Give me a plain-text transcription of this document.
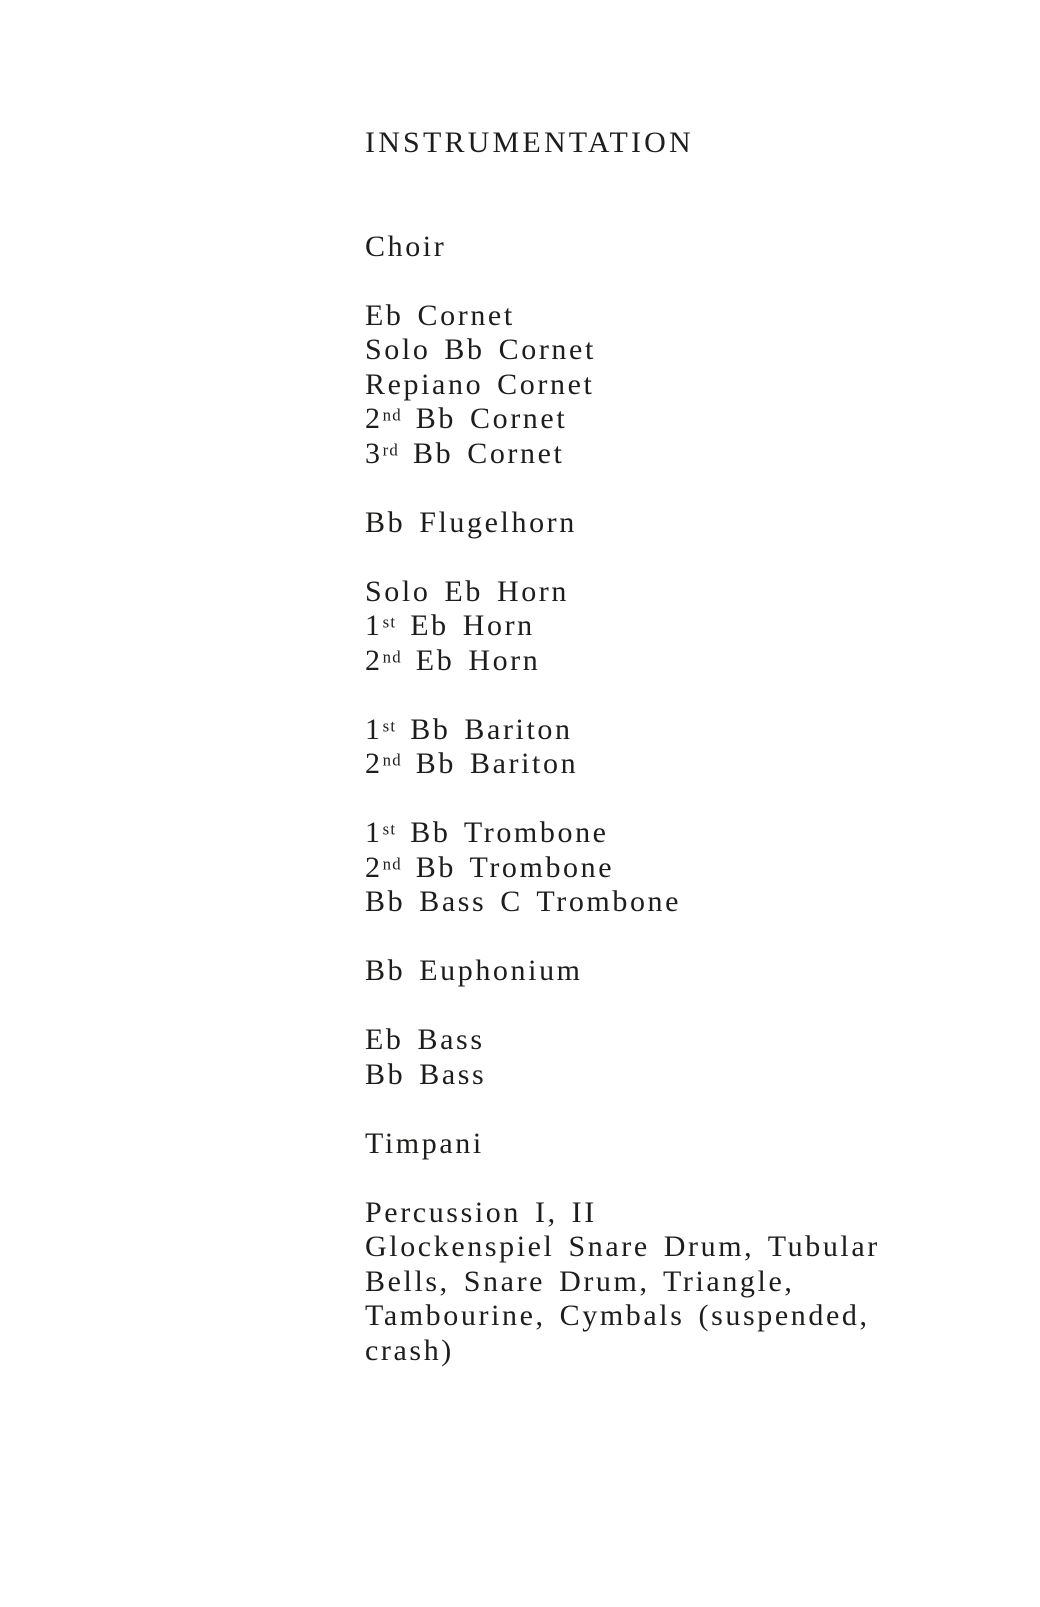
INSTRUMENTATION
Choir
Eb Cornet
Solo Bb Cornet
Repiano Cornet
2nd Bb Cornet
3rd Bb Cornet
Bb Flugelhorn
Solo Eb Horn
1st Eb Horn
2nd Eb Horn
1st Bb Bariton
2nd Bb Bariton
1st Bb Trombone
2nd Bb Trombone
Bb Bass C Trombone
Bb Euphonium
Eb Bass
Bb Bass
Timpani
Percussion I, II
Glockenspiel Snare Drum, Tubular Bells, Snare Drum, Triangle, Tambourine, Cymbals (suspended, crash)
